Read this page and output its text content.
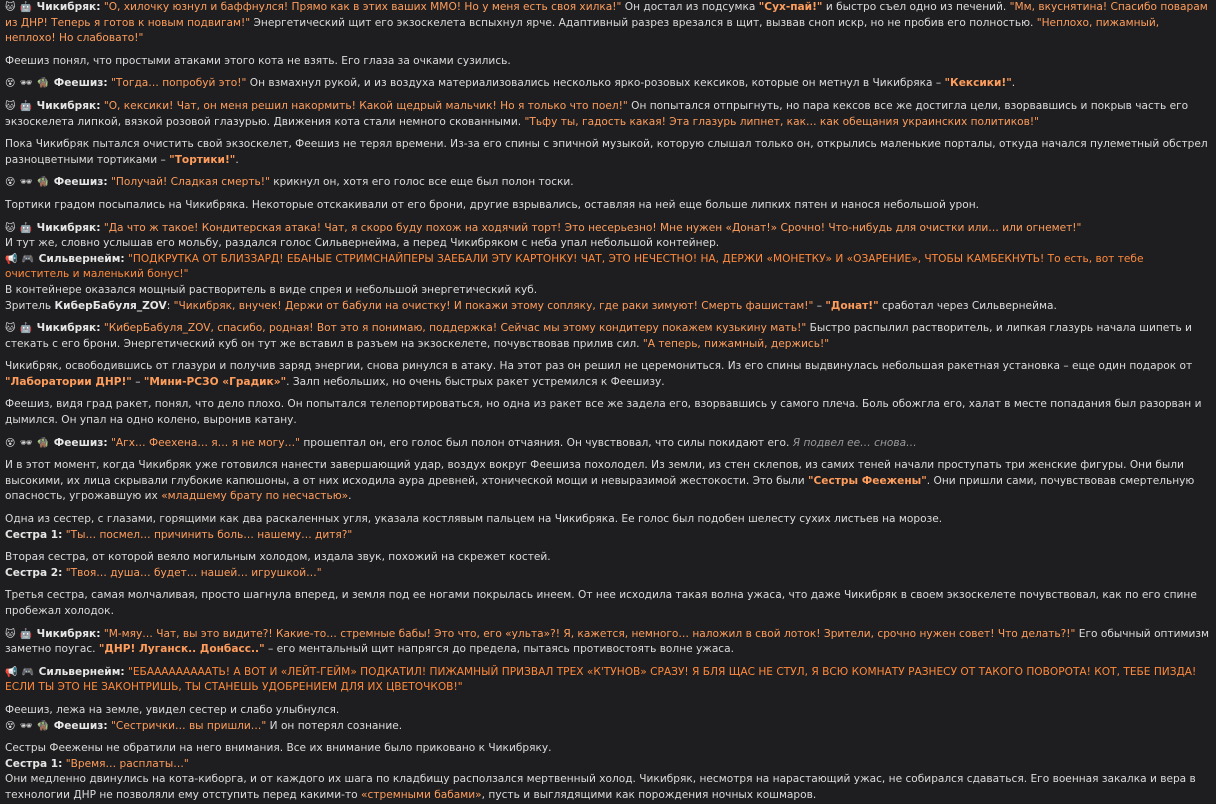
🐱 🤖 Чикибряк: "О, хилочку юзнул и баффнулся! Прямо как в этих ваших ММО! Но у меня есть своя хилка!" Он достал из подсумка "Сух-пай!" и быстро съел одно из печений. "Мм, вкуснятина! Спасибо поварам из ДНР! Теперь я готов к новым подвигам!" Энергетический щит его экзоскелета вспыхнул ярче. Адаптивный разрез врезался в щит, вызвав сноп искр, но не пробив его полностью. "Неплохо, пижамный, неплохо! Но слабовато!"
Феешиз понял, что простыми атаками этого кота не взять. Его глаза за очками сузились.
😵 🕶 🧌 Феешиз: "Тогда… попробуй это!" Он взмахнул рукой, и из воздуха материализовались несколько ярко-розовых кексиков, которые он метнул в Чикибряка – "Кексики!".
🐱 🤖 Чикибряк: "О, кексики! Чат, он меня решил накормить! Какой щедрый мальчик! Но я только что поел!" Он попытался отпрыгнуть, но пара кексов все же достигла цели, взорвавшись и покрыв часть его экзоскелета липкой, вязкой розовой глазурью. Движения кота стали немного скованными. "Тьфу ты, гадость какая! Эта глазурь липнет, как… как обещания украинских политиков!"
Пока Чикибряк пытался очистить свой экзоскелет, Феешиз не терял времени. Из-за его спины с эпичной музыкой, которую слышал только он, открылись маленькие порталы, откуда начался пулеметный обстрел разноцветными тортиками – "Тортики!".
😵 🕶 🧌 Феешиз: "Получай! Сладкая смерть!" крикнул он, хотя его голос все еще был полон тоски.
Тортики градом посыпались на Чикибряка. Некоторые отскакивали от его брони, другие взрывались, оставляя на ней еще больше липких пятен и нанося небольшой урон.
🐱 🤖 Чикибряк: "Да что ж такое! Кондитерская атака! Чат, я скоро буду похож на ходячий торт! Это несерьезно! Мне нужен «Донат!» Срочно! Что-нибудь для очистки или… или огнемет!"
И тут же, словно услышав его мольбу, раздался голос Сильвернейма, а перед Чикибряком с неба упал небольшой контейнер.
📢 🎮 Сильвернейм: "ПОДКРУТКА ОТ БЛИЗЗАРД! ЕБАНЫЕ СТРИМСНАЙПЕРЫ ЗАЕБАЛИ ЭТУ КАРТОНКУ! ЧАТ, ЭТО НЕЧЕСТНО! НА, ДЕРЖИ «МОНЕТКУ» И «ОЗАРЕНИЕ», ЧТОБЫ КАМБЕКНУТЬ! То есть, вот тебе очиститель и маленький бонус!"
В контейнере оказался мощный растворитель в виде спрея и небольшой энергетический куб.
Зритель КиберБабуля_ZOV: "Чикибряк, внучек! Держи от бабули на очистку! И покажи этому сопляку, где раки зимуют! Смерть фашистам!" – "Донат!" сработал через Сильвернейма.
🐱 🤖 Чикибряк: "КиберБабуля_ZOV, спасибо, родная! Вот это я понимаю, поддержка! Сейчас мы этому кондитеру покажем кузькину мать!" Быстро распылил растворитель, и липкая глазурь начала шипеть и стекать с его брони. Энергетический куб он тут же вставил в разъем на экзоскелете, почувствовав прилив сил. "А теперь, пижамный, держись!"
Чикибряк, освободившись от глазури и получив заряд энергии, снова ринулся в атаку. На этот раз он решил не церемониться. Из его спины выдвинулась небольшая ракетная установка – еще один подарок от "Лаборатории ДНР!" – "Мини-РСЗО «Градик»". Залп небольших, но очень быстрых ракет устремился к Феешизу.
Феешиз, видя град ракет, понял, что дело плохо. Он попытался телепортироваться, но одна из ракет все же задела его, взорвавшись у самого плеча. Боль обожгла его, халат в месте попадания был разорван и дымился. Он упал на одно колено, выронив катану.
😵 🕶 🧌 Феешиз: "Агх… Феехена… я… я не могу…" прошептал он, его голос был полон отчаяния. Он чувствовал, что силы покидают его. Я подвел ее… снова…
И в этот момент, когда Чикибряк уже готовился нанести завершающий удар, воздух вокруг Феешиза похолодел. Из земли, из стен склепов, из самих теней начали проступать три женские фигуры. Они были высокими, их лица скрывали глубокие капюшоны, а от них исходила аура древней, хтонической мощи и невыразимой жестокости. Это были "Сестры Феежены". Они пришли сами, почувствовав смертельную опасность, угрожавшую их «младшему брату по несчастью».
Одна из сестер, с глазами, горящими как два раскаленных угля, указала костлявым пальцем на Чикибряка. Ее голос был подобен шелесту сухих листьев на морозе.
Сестра 1: "Ты… посмел… причинить боль… нашему… дитя?"
Вторая сестра, от которой веяло могильным холодом, издала звук, похожий на скрежет костей.
Сестра 2: "Твоя… душа… будет… нашей… игрушкой…"
Третья сестра, самая молчаливая, просто шагнула вперед, и земля под ее ногами покрылась инеем. От нее исходила такая волна ужаса, что даже Чикибряк в своем экзоскелете почувствовал, как по его спине пробежал холодок.
🐱 🤖 Чикибряк: "М-мяу… Чат, вы это видите?! Какие-то… стремные бабы! Это что, его «ульта»?! Я, кажется, немного… наложил в свой лоток! Зрители, срочно нужен совет! Что делать?!" Его обычный оптимизм заметно поугас. "ДНР! Луганск.. Донбасс.." – его ментальный щит напрягся до предела, пытаясь противостоять волне ужаса.
📢 🎮 Сильвернейм: "ЕБАААААААААТЬ! А ВОТ И «ЛЕЙТ-ГЕЙМ» ПОДКАТИЛ! ПИЖАМНЫЙ ПРИЗВАЛ ТРЕХ «К'ТУНОВ» СРАЗУ! Я БЛЯ ЩАС НЕ СТУЛ, Я ВСЮ КОМНАТУ РАЗНЕСУ ОТ ТАКОГО ПОВОРОТА! КОТ, ТЕБЕ ПИЗДА! ЕСЛИ ТЫ ЭТО НЕ ЗАКОНТРИШЬ, ТЫ СТАНЕШЬ УДОБРЕНИЕМ ДЛЯ ИХ ЦВЕТОЧКОВ!"
Феешиз, лежа на земле, увидел сестер и слабо улыбнулся.
😵 🕶 🧌 Феешиз: "Сестрички… вы пришли…" И он потерял сознание.
Сестры Феежены не обратили на него внимания. Все их внимание было приковано к Чикибряку.
Сестра 1: "Время… расплаты…"
Они медленно двинулись на кота-киборга, и от каждого их шага по кладбищу расползался мертвенный холод. Чикибряк, несмотря на нарастающий ужас, не собирался сдаваться. Его военная закалка и вера в технологии ДНР не позволяли ему отступить перед какими-то «стремными бабами», пусть и выглядящими как порождения ночных кошмаров.
